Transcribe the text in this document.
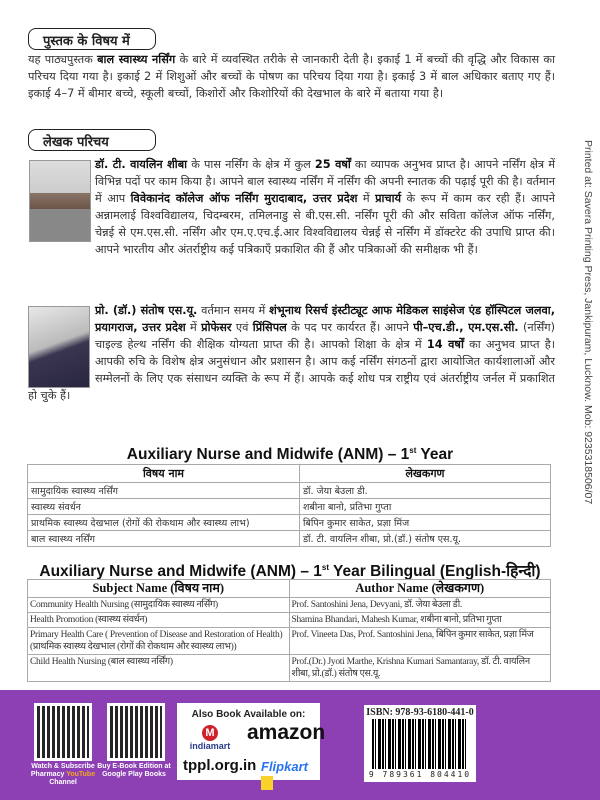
पुस्तक के विषय में

यह पाठ्यपुस्तक बाल स्वास्थ्य नर्सिंग के बारे में व्यवस्थित तरीके से जानकारी देती है। इकाई 1 में बच्चों की वृद्धि और विकास का परिचय दिया गया है। इकाई 2 में शिशुओं और बच्चों के पोषण का परिचय दिया गया है। इकाई 3 में बाल अधिकार बताए गए हैं। इकाई 4–7 में बीमार बच्चे, स्कूली बच्चों, किशोरों और किशोरियों की देखभाल के बारे में बताया गया है।

लेखक परिचय

डॉ. टी. वायलिन शीबा के पास नर्सिंग के क्षेत्र में कुल 25 वर्षों का व्यापक अनुभव प्राप्त है। आपने नर्सिंग क्षेत्र में विभिन्न पदों पर काम किया है। आपने बाल स्वास्थ्य नर्सिंग में नर्सिंग की अपनी स्नातक की पढ़ाई पूरी की है। वर्तमान में आप विवेकानंद कॉलेज ऑफ नर्सिंग मुरादाबाद, उत्तर प्रदेश में प्राचार्य के रूप में काम कर रही हैं। आपने अन्नामलाई विश्वविद्यालय, चिदम्बरम, तमिलनाडु से बी.एस.सी. नर्सिंग पूरी की और सविता कॉलेज ऑफ नर्सिंग, चेन्नई से एम.एस.सी. नर्सिंग और एम.ए.एच.ई.आर विश्वविद्यालय चेन्नई से नर्सिंग में डॉक्टरेट की उपाधि प्राप्त की। आपने भारतीय और अंतर्राष्ट्रीय कई पत्रिकाएँ प्रकाशित की हैं और पत्रिकाओं की समीक्षक भी हैं।

प्रो. (डॉ.) संतोष एस.यू. वर्तमान समय में शंभूनाथ रिसर्च इंस्टीट्यूट आफ मेडिकल साइंसेज एंड हॉस्पिटल जलवा, प्रयागराज, उत्तर प्रदेश में प्रोफेसर एवं प्रिंसिपल के पद पर कार्यरत हैं। आपने पी–एच.डी., एम.एस.सी. (नर्सिंग) चाइल्ड हेल्थ नर्सिंग की शैक्षिक योग्यता प्राप्त की है। आपको शिक्षा के क्षेत्र में 14 वर्षों का अनुभव प्राप्त है। आपकी रुचि के विशेष क्षेत्र अनुसंधान और प्रशासन है। आप कई नर्सिंग संगठनों द्वारा आयोजित कार्यशालाओं और सम्मेलनों के लिए एक संसाधन व्यक्ति के रूप में हैं। आपके कई शोध पत्र राष्ट्रीय एवं अंतर्राष्ट्रीय जर्नल में प्रकाशित हो चुके हैं।

Auxiliary Nurse and Midwife (ANM) – 1st Year
विषय नाम	लेखकगण
सामुदायिक स्वास्थ्य नर्सिंग	डॉ. जेया बेउला डी.
स्वास्थ्य संवर्धन	शबीना बानो, प्रतिभा गुप्ता
प्राथमिक स्वास्थ्य देखभाल (रोगों की रोकथाम और स्वास्थ्य लाभ)	बिपिन कुमार साकेत, प्रज्ञा मिंज
बाल स्वास्थ्य नर्सिंग	डॉ. टी. वायलिन शीबा, प्रो.(डॉ.) संतोष एस.यू.
Auxiliary Nurse and Midwife (ANM) – 1st Year Bilingual (English-हिन्दी)
Subject Name (विषय नाम)	Author Name (लेखकगण)
Community Health Nursing (सामुदायिक स्वास्थ्य नर्सिंग)	Prof. Santoshini Jena, Devyani, डॉ. जेया बेउला डी.
Health Promotion (स्वास्थ्य संवर्धन)	Shamina Bhandari, Mahesh Kumar, शबीना बानो, प्रतिभा गुप्ता
Primary Health Care ( Prevention of Disease and Restoration of Health) (प्राथमिक स्वास्थ्य देखभाल (रोगों की रोकथाम और स्वास्थ्य लाभ))	Prof. Vineeta Das, Prof. Santoshini Jena, बिपिन कुमार साकेत, प्रज्ञा मिंज
Child Health Nursing (बाल स्वास्थ्य नर्सिंग)	Prof.(Dr.) Jyoti Marthe, Krishna Kumari Samantaray, डॉ. टी. वायलिन शीबा, प्रो.(डॉ.) संतोष एस.यू.
Printed at: Savera Printing Press, Jankipuram, Lucknow. Mob: 9235318506/07
Watch & Subscribe Pharmacy YouTube Channel
Buy E-Book Edition at Google Play Books
Also Book Available on:
M
indiamart
amazon
tppl.org.in Flipkart
ISBN: 978-93-6180-441-0
9 789361 804410
